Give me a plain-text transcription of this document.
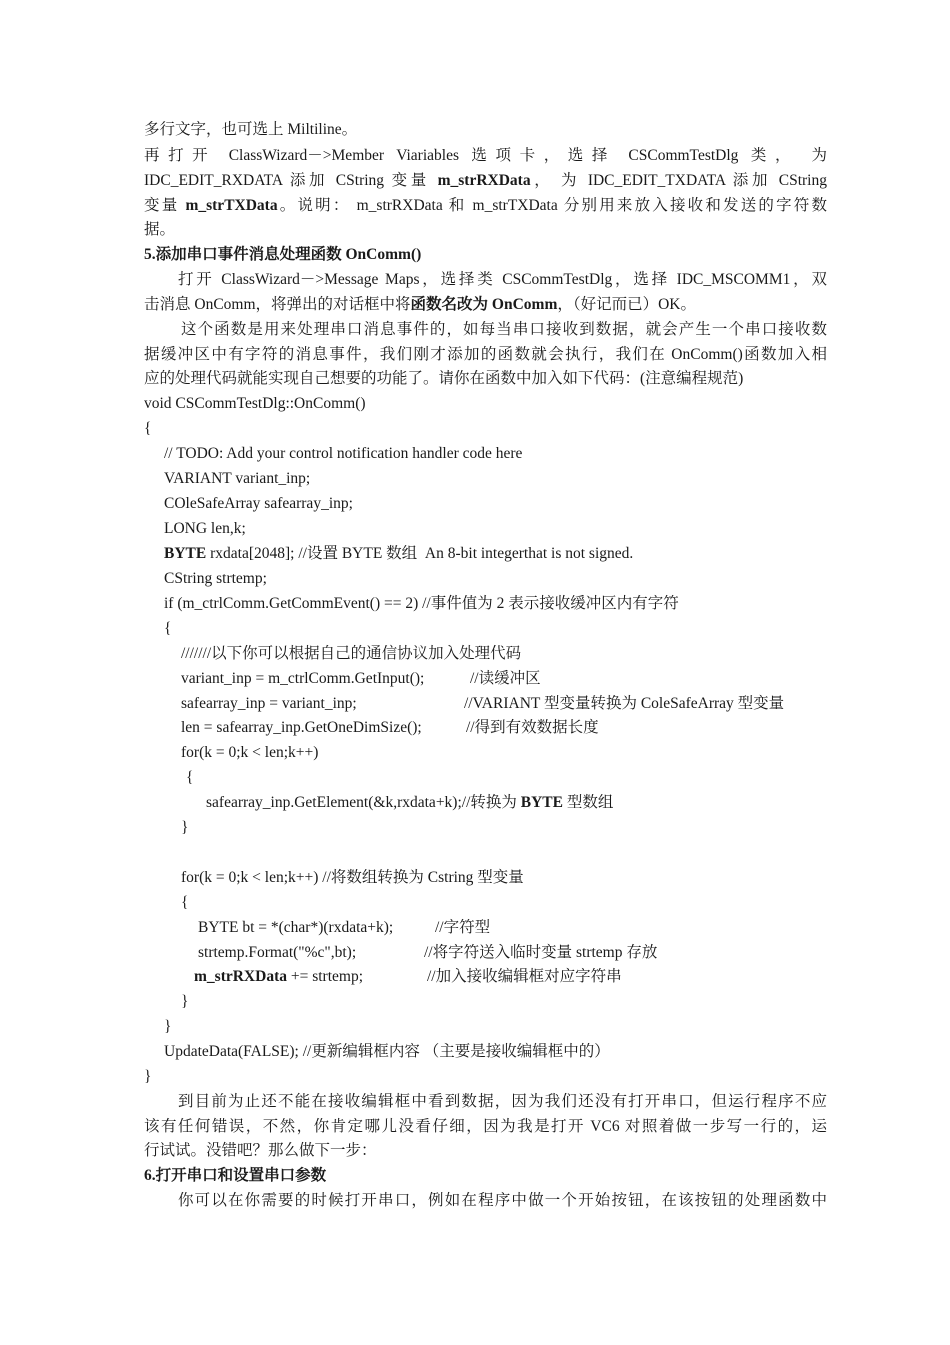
多行文字，也可选上 Miltiline。

再打开 ClassWizard－>Member Viariables 选项卡，选择 CSCommTestDlg 类， 为

IDC_EDIT_RXDATA 添加 CString 变量 m_strRXData， 为 IDC_EDIT_TXDATA 添加 CString

变量 m_strTXData。说明： m_strRXData 和 m_strTXData 分别用来放入接收和发送的字符数

据。

5.添加串口事件消息处理函数 OnComm()

打开 ClassWizard－>Message Maps，选择类 CSCommTestDlg，选择 IDC_MSCOMM1，双

击消息 OnComm，将弹出的对话框中将函数名改为 OnComm，（好记而已）OK。

这个函数是用来处理串口消息事件的，如每当串口接收到数据，就会产生一个串口接收数

据缓冲区中有字符的消息事件，我们刚才添加的函数就会执行，我们在 OnComm()函数加入相

应的处理代码就能实现自己想要的功能了。请你在函数中加入如下代码：(注意编程规范)

void CSCommTestDlg::OnComm()

{

// TODO: Add your control notification handler code here

VARIANT variant_inp;

COleSafeArray safearray_inp;

LONG len,k;

BYTE rxdata[2048]; //设置 BYTE 数组  An 8-bit integerthat is not signed.

CString strtemp;

if (m_ctrlComm.GetCommEvent() == 2) //事件值为 2 表示接收缓冲区内有字符

{

///////以下你可以根据自己的通信协议加入处理代码

variant_inp = m_ctrlComm.GetInput();	//读缓冲区

safearray_inp = variant_inp;	//VARIANT 型变量转换为 ColeSafeArray 型变量

len = safearray_inp.GetOneDimSize();	//得到有效数据长度

for(k = 0;k < len;k++)

{

safearray_inp.GetElement(&k,rxdata+k);//转换为 BYTE 型数组

}

for(k = 0;k < len;k++) //将数组转换为 Cstring 型变量

{

BYTE bt = *(char*)(rxdata+k);	//字符型

strtemp.Format("%c",bt);	//将字符送入临时变量 strtemp 存放

m_strRXData += strtemp;	//加入接收编辑框对应字符串

}

}

UpdateData(FALSE); //更新编辑框内容 （主要是接收编辑框中的）

}

到目前为止还不能在接收编辑框中看到数据，因为我们还没有打开串口，但运行程序不应

该有任何错误，不然，你肯定哪儿没看仔细，因为我是打开 VC6 对照着做一步写一行的，运

行试试。没错吧？那么做下一步：

6.打开串口和设置串口参数

你可以在你需要的时候打开串口，例如在程序中做一个开始按钮，在该按钮的处理函数中
